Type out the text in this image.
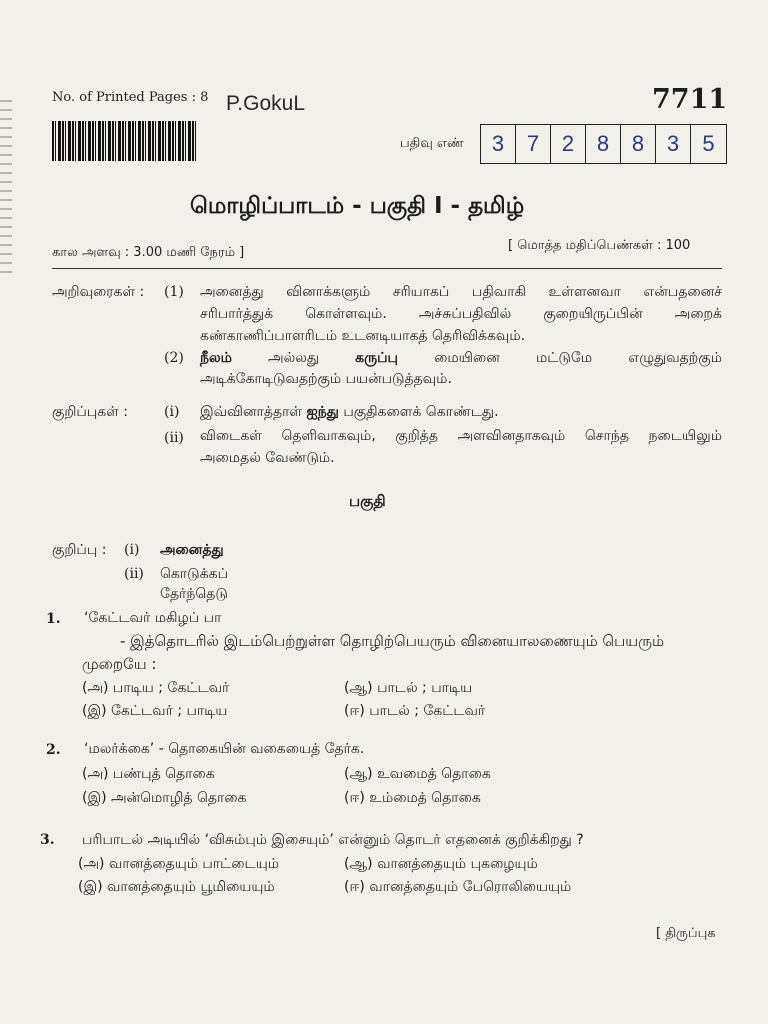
No. of Printed Pages : 8 P.GokuL	7711
பதிவு எண்	3	7	2	8	8	3	5
மொழிப்பாடம் - பகுதி I - தமிழ்
கால அளவு : 3.00 மணி நேரம் ]	[ மொத்த மதிப்பெண்கள் : 100
அறிவுரைகள் : (1) அனைத்து வினாக்களும் சரியாகப் பதிவாகி உள்ளனவா என்பதனைச்
சரிபார்த்துக் கொள்ளவும். அச்சுப்பதிவில் குறையிருப்பின் அறைக்
கண்காணிப்பாளரிடம் உடனடியாகத் தெரிவிக்கவும்.
(2) நீலம்	அல்லது	கருப்பு	மையினை	மட்டுமே	எழுதுவதற்கும்
அடிக்கோடிடுவதற்கும் பயன்படுத்தவும்.
குறிப்புகள் :	(i) இவ்வினாத்தாள் ஐந்து பகுதிகளைக் கொண்டது.
(ii) விடைகள் தெளிவாகவும், குறித்த அளவினதாகவும் சொந்த நடையிலும்
அமைதல் வேண்டும்.
பகுதி
குறிப்பு : (i) அனைத்து
(ii) கொடுக்கப்
தேர்ந்தெடு
1. ‘கேட்டவர் மகிழப் பா
- இத்தொடரில் இடம்பெற்றுள்ள தொழிற்பெயரும் வினையாலணையும் பெயரும்
முறையே :
(அ) பாடிய ; கேட்டவர்	(ஆ) பாடல் ; பாடிய
(இ) கேட்டவர் ; பாடிய	(ஈ) பாடல் ; கேட்டவர்
2. ‘மலர்க்கை’ - தொகையின் வகையைத் தேர்க.
(அ) பண்புத் தொகை	(ஆ) உவமைத் தொகை
(இ) அன்மொழித் தொகை	(ஈ) உம்மைத் தொகை
3. பரிபாடல் அடியில் ‘விசும்பும் இசையும்’ என்னும் தொடர் எதனைக் குறிக்கிறது ?
(அ) வானத்தையும் பாட்டையும்	(ஆ) வானத்தையும் புகழையும்
(இ) வானத்தையும் பூமியையும்	(ஈ) வானத்தையும் பேரொலியையும்
[ திருப்புக
